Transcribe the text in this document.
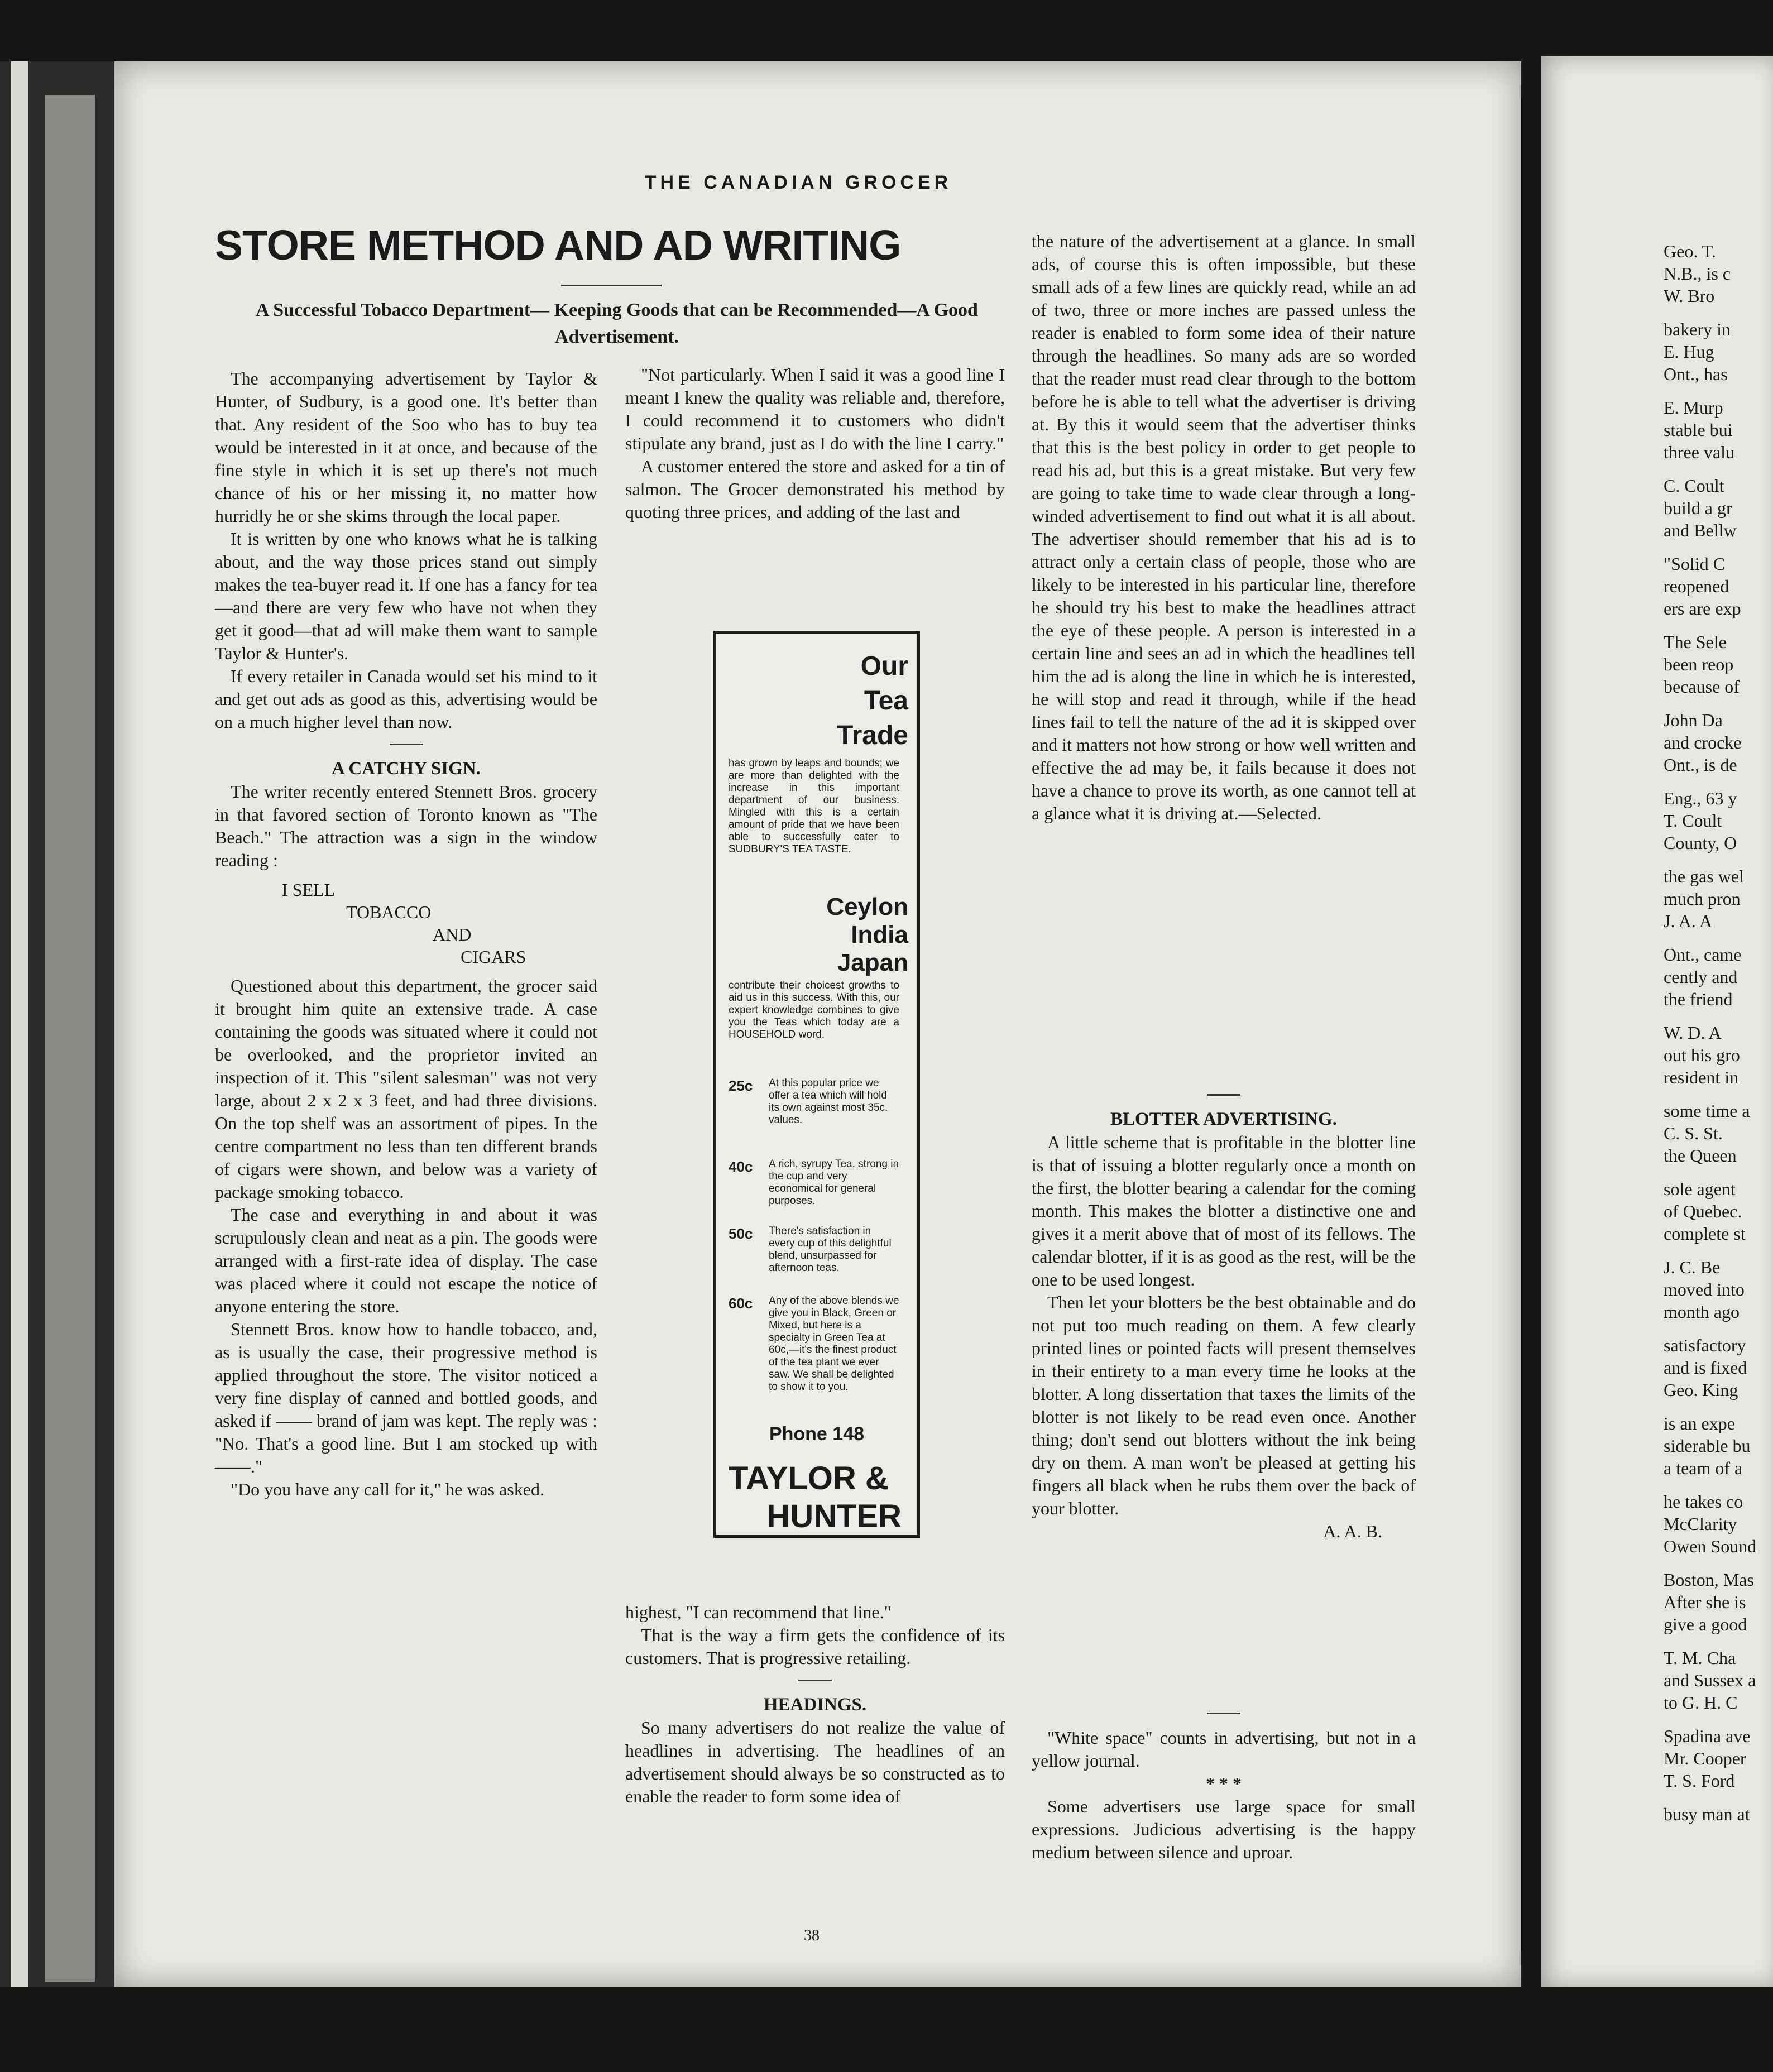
THE CANADIAN GROCER
STORE METHOD AND AD WRITING
A Successful Tobacco Department— Keeping Goods that can be Recommended—A Good Advertisement.

The accompanying advertisement by Taylor & Hunter, of Sudbury, is a good one. It's better than that. Any resident of the Soo who has to buy tea would be interested in it at once, and because of the fine style in which it is set up there's not much chance of his or her missing it, no matter how hurridly he or she skims through the local paper.

It is written by one who knows what he is talking about, and the way those prices stand out simply makes the tea-buyer read it. If one has a fancy for tea—and there are very few who have not when they get it good—that ad will make them want to sample Taylor & Hunter's.

If every retailer in Canada would set his mind to it and get out ads as good as this, advertising would be on a much higher level than now.

A CATCHY SIGN.

The writer recently entered Stennett Bros. grocery in that favored section of Toronto known as "The Beach." The attraction was a sign in the window reading :

I SELL
TOBACCO
AND
CIGARS

Questioned about this department, the grocer said it brought him quite an extensive trade. A case containing the goods was situated where it could not be overlooked, and the proprietor invited an inspection of it. This "silent salesman" was not very large, about 2 x 2 x 3 feet, and had three divisions. On the top shelf was an assortment of pipes. In the centre compartment no less than ten different brands of cigars were shown, and below was a variety of package smoking tobacco.

The case and everything in and about it was scrupulously clean and neat as a pin. The goods were arranged with a first-rate idea of display. The case was placed where it could not escape the notice of anyone entering the store.

Stennett Bros. know how to handle tobacco, and, as is usually the case, their progressive method is applied throughout the store. The visitor noticed a very fine display of canned and bottled goods, and asked if —— brand of jam was kept. The reply was : "No. That's a good line. But I am stocked up with ——."

"Do you have any call for it," he was asked.

"Not particularly. When I said it was a good line I meant I knew the quality was reliable and, therefore, I could recommend it to customers who didn't stipulate any brand, just as I do with the line I carry."

A customer entered the store and asked for a tin of salmon. The Grocer demonstrated his method by quoting three prices, and adding of the last and

Our
Tea
Trade
has grown by leaps and bounds; we are more than delighted with the increase in this important department of our business. Mingled with this is a certain amount of pride that we have been able to successfully cater to SUDBURY'S TEA TASTE.
Ceylon
India
Japan
contribute their choicest growths to aid us in this success. With this, our expert knowledge combines to give you the Teas which today are a HOUSEHOLD word.
25c At this popular price we offer a tea which will hold its own against most 35c. values.
40c A rich, syrupy Tea, strong in the cup and very economical for general purposes.
50c There's satisfaction in every cup of this delightful blend, unsurpassed for afternoon teas.
60c Any of the above blends we give you in Black, Green or Mixed, but here is a specialty in Green Tea at 60c,—it's the finest product of the tea plant we ever saw. We shall be delighted to show it to you.
Phone 148
TAYLOR &
HUNTER

highest, "I can recommend that line."

That is the way a firm gets the confidence of its customers. That is progressive retailing.

HEADINGS.

So many advertisers do not realize the value of headlines in advertising. The headlines of an advertisement should always be so constructed as to enable the reader to form some idea of

the nature of the advertisement at a glance. In small ads, of course this is often impossible, but these small ads of a few lines are quickly read, while an ad of two, three or more inches are passed unless the reader is enabled to form some idea of their nature through the headlines. So many ads are so worded that the reader must read clear through to the bottom before he is able to tell what the advertiser is driving at. By this it would seem that the advertiser thinks that this is the best policy in order to get people to read his ad, but this is a great mistake. But very few are going to take time to wade clear through a long-winded advertisement to find out what it is all about. The advertiser should remember that his ad is to attract only a certain class of people, those who are likely to be interested in his particular line, therefore he should try his best to make the headlines attract the eye of these people. A person is interested in a certain line and sees an ad in which the headlines tell him the ad is along the line in which he is interested, he will stop and read it through, while if the head lines fail to tell the nature of the ad it is skipped over and it matters not how strong or how well written and effective the ad may be, it fails because it does not have a chance to prove its worth, as one cannot tell at a glance what it is driving at.—Selected.

BLOTTER ADVERTISING.

A little scheme that is profitable in the blotter line is that of issuing a blotter regularly once a month on the first, the blotter bearing a calendar for the coming month. This makes the blotter a distinctive one and gives it a merit above that of most of its fellows. The calendar blotter, if it is as good as the rest, will be the one to be used longest.

Then let your blotters be the best obtainable and do not put too much reading on them. A few clearly printed lines or pointed facts will present themselves in their entirety to a man every time he looks at the blotter. A long dissertation that taxes the limits of the blotter is not likely to be read even once. Another thing; don't send out blotters without the ink being dry on them. A man won't be pleased at getting his fingers all black when he rubs them over the back of your blotter.

A. A. B.

"White space" counts in advertising, but not in a yellow journal.

* * *

Some advertisers use large space for small expressions. Judicious advertising is the happy medium between silence and uproar.

38
Geo. T.
N.B., is c
W. Bro
bakery in
E. Hug
Ont., has
E. Murp
stable bui
three valu
C. Coult
build a gr
and Bellw
"Solid C
reopened
ers are exp
The Sele
been reop
because of
John Da
and crocke
Ont., is de
Eng., 63 y
T. Coult
County, O
the gas wel
much pron
J. A. A
Ont., came
cently and
the friend
W. D. A
out his gro
resident in
some time a
C. S. St.
the Queen
sole agent
of Quebec.
complete st
J. C. Be
moved into
month ago
satisfactory
and is fixed
Geo. King
is an expe
siderable bu
a team of a
he takes co
McClarity
Owen Sound
Boston, Mas
After she is
give a good
T. M. Cha
and Sussex a
to G. H. C
Spadina ave
Mr. Cooper
T. S. Ford
busy man at
